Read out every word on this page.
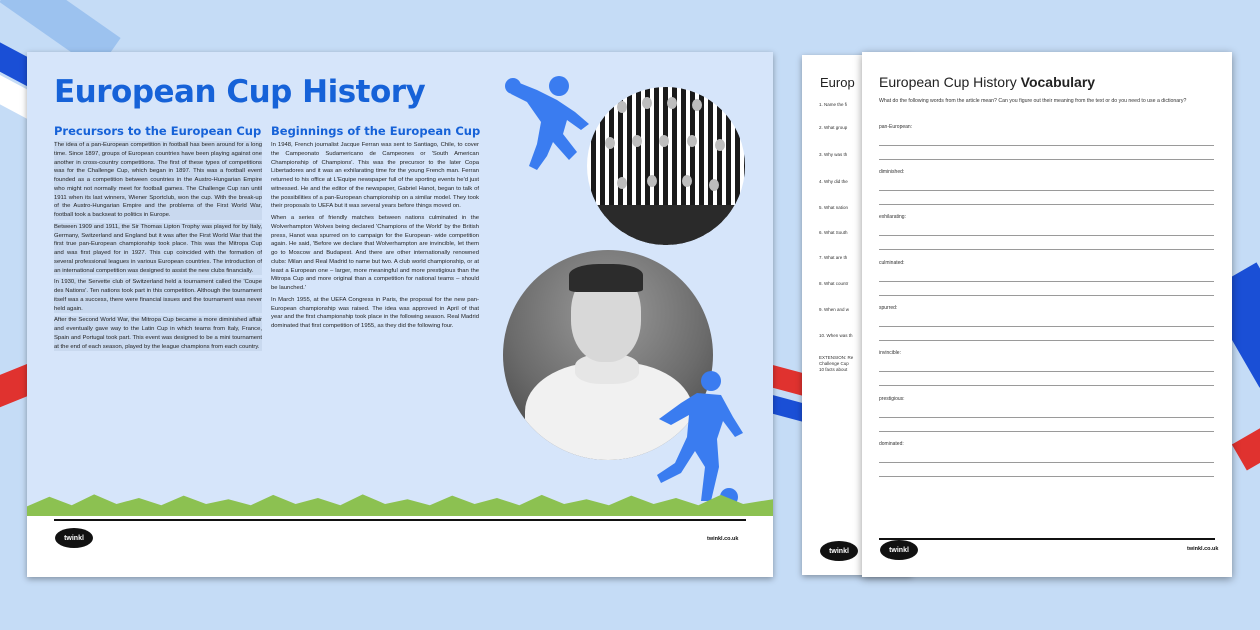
Europ
1. Name the fi
2. What group
3. Why was th
4. Why did the
5. What nation
6. What South
7. What are th
8. What countr
9. When and w
10. When was th
EXTENSION: Re
Challenge Cup
10 facts about
twinkl
European Cup History
Precursors to the European Cup

The idea of a pan-European competition in football has been around for a long time. Since 1897, groups of European countries have been playing against one another in cross-country competitions. The first of these types of competitions was for the Challenge Cup, which began in 1897. This was a football event founded as a competition between countries in the Austro-Hungarian Empire who might not normally meet for football games. The Challenge Cup ran until 1911 when its last winners, Wiener Sportclub, won the cup. With the break-up of the Austro-Hungarian Empire and the problems of the First World War, football took a backseat to politics in Europe.

Between 1909 and 1911, the Sir Thomas Lipton Trophy was played for by Italy, Germany, Switzerland and England but it was after the First World War that the first true pan-European championship took place. This was the Mitropa Cup and was first played for in 1927. This cup coincided with the formation of several professional leagues in various European countries. The introduction of an international competition was designed to assist the new clubs financially.

In 1930, the Servette club of Switzerland held a tournament called the 'Coupe des Nations'. Ten nations took part in this competition. Although the tournament itself was a success, there were financial issues and the tournament was never held again.

After the Second World War, the Mitropa Cup became a more diminished affair and eventually gave way to the Latin Cup in which teams from Italy, France, Spain and Portugal took part. This event was designed to be a mini tournament at the end of each season, played by the league champions from each country.

Beginnings of the European Cup

In 1948, French journalist Jacque Ferran was sent to Santiago, Chile, to cover the Campeonato Sudamericano de Campeones or 'South American Championship of Champions'. This was the precursor to the later Copa Libertadores and it was an exhilarating time for the young French man. Ferran returned to his office at L'Equipe newspaper full of the sporting events he'd just witnessed. He and the editor of the newspaper, Gabriel Hanot, began to talk of the possibilities of a pan-European championship on a similar model. They took their proposals to UEFA but it was several years before things moved on.

When a series of friendly matches between nations culminated in the Wolverhampton Wolves being declared 'Champions of the World' by the British press, Hanot was spurred on to campaign for the European- wide competition again. He said, 'Before we declare that Wolverhampton are invincible, let them go to Moscow and Budapest. And there are other internationally renowned clubs: Milan and Real Madrid to name but two. A club world championship, or at least a European one – larger, more meaningful and more prestigious than the Mitropa Cup and more original than a competition for national teams – should be launched.'

In March 1955, at the UEFA Congress in Paris, the proposal for the new pan-European championship was raised. The idea was approved in April of that year and the first championship took place in the following season. Real Madrid dominated that first competition of 1955, as they did the following four.

twinkl	twinkl.co.uk
European Cup History Vocabulary
What do the following words from the article mean? Can you figure out their meaning from the text or do you need to use a dictionary?
pan-European:
diminished:
exhilarating:
culminated:
spurred:
invincible:
prestigious:
dominated:
twinkl	twinkl.co.uk
